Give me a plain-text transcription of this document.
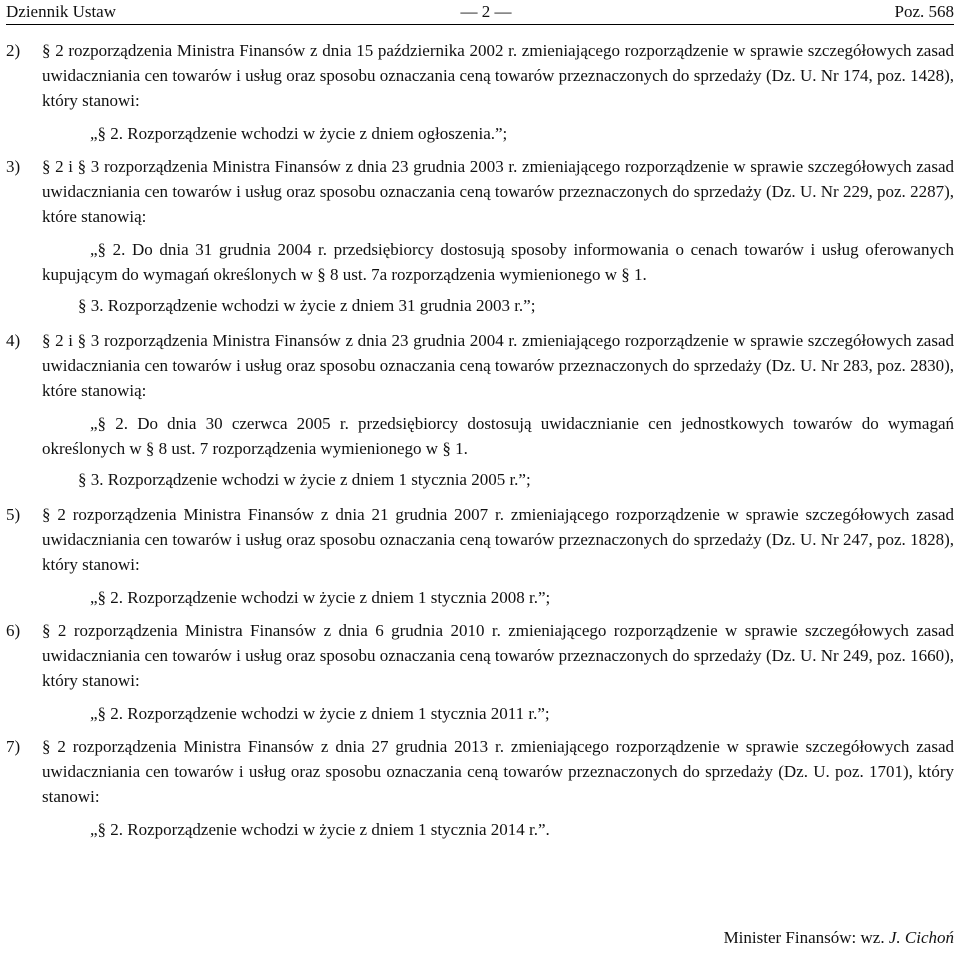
Dziennik Ustaw	— 2 —	Poz. 568
2)	§ 2 rozporządzenia Ministra Finansów z dnia 15 października 2002 r. zmieniającego rozporządzenie w sprawie szczegółowych zasad uwidaczniania cen towarów i usług oraz sposobu oznaczania ceną towarów przeznaczonych do sprzedaży (Dz. U. Nr 174, poz. 1428), który stanowi:
„§ 2. Rozporządzenie wchodzi w życie z dniem ogłoszenia.”;
3)	§ 2 i § 3 rozporządzenia Ministra Finansów z dnia 23 grudnia 2003 r. zmieniającego rozporządzenie w sprawie szczegółowych zasad uwidaczniania cen towarów i usług oraz sposobu oznaczania ceną towarów przeznaczonych do sprzedaży (Dz. U. Nr 229, poz. 2287), które stanowią:
„§ 2. Do dnia 31 grudnia 2004 r. przedsiębiorcy dostosują sposoby informowania o cenach towarów i usług oferowanych kupującym do wymagań określonych w § 8 ust. 7a rozporządzenia wymienionego w § 1.
§ 3. Rozporządzenie wchodzi w życie z dniem 31 grudnia 2003 r.”;
4)	§ 2 i § 3 rozporządzenia Ministra Finansów z dnia 23 grudnia 2004 r. zmieniającego rozporządzenie w sprawie szczegółowych zasad uwidaczniania cen towarów i usług oraz sposobu oznaczania ceną towarów przeznaczonych do sprzedaży (Dz. U. Nr 283, poz. 2830), które stanowią:
„§ 2. Do dnia 30 czerwca 2005 r. przedsiębiorcy dostosują uwidacznianie cen jednostkowych towarów do wymagań określonych w § 8 ust. 7 rozporządzenia wymienionego w § 1.
§ 3. Rozporządzenie wchodzi w życie z dniem 1 stycznia 2005 r.”;
5)	§ 2 rozporządzenia Ministra Finansów z dnia 21 grudnia 2007 r. zmieniającego rozporządzenie w sprawie szczegółowych zasad uwidaczniania cen towarów i usług oraz sposobu oznaczania ceną towarów przeznaczonych do sprzedaży (Dz. U. Nr 247, poz. 1828), który stanowi:
„§ 2. Rozporządzenie wchodzi w życie z dniem 1 stycznia 2008 r.”;
6)	§ 2 rozporządzenia Ministra Finansów z dnia 6 grudnia 2010 r. zmieniającego rozporządzenie w sprawie szczegółowych zasad uwidaczniania cen towarów i usług oraz sposobu oznaczania ceną towarów przeznaczonych do sprzedaży (Dz. U. Nr 249, poz. 1660), który stanowi:
„§ 2. Rozporządzenie wchodzi w życie z dniem 1 stycznia 2011 r.”;
7)	§ 2 rozporządzenia Ministra Finansów z dnia 27 grudnia 2013 r. zmieniającego rozporządzenie w sprawie szczegółowych zasad uwidaczniania cen towarów i usług oraz sposobu oznaczania ceną towarów przeznaczonych do sprzedaży (Dz. U. poz. 1701), który stanowi:
„§ 2. Rozporządzenie wchodzi w życie z dniem 1 stycznia 2014 r.”.
Minister Finansów: wz. J. Cichoń
